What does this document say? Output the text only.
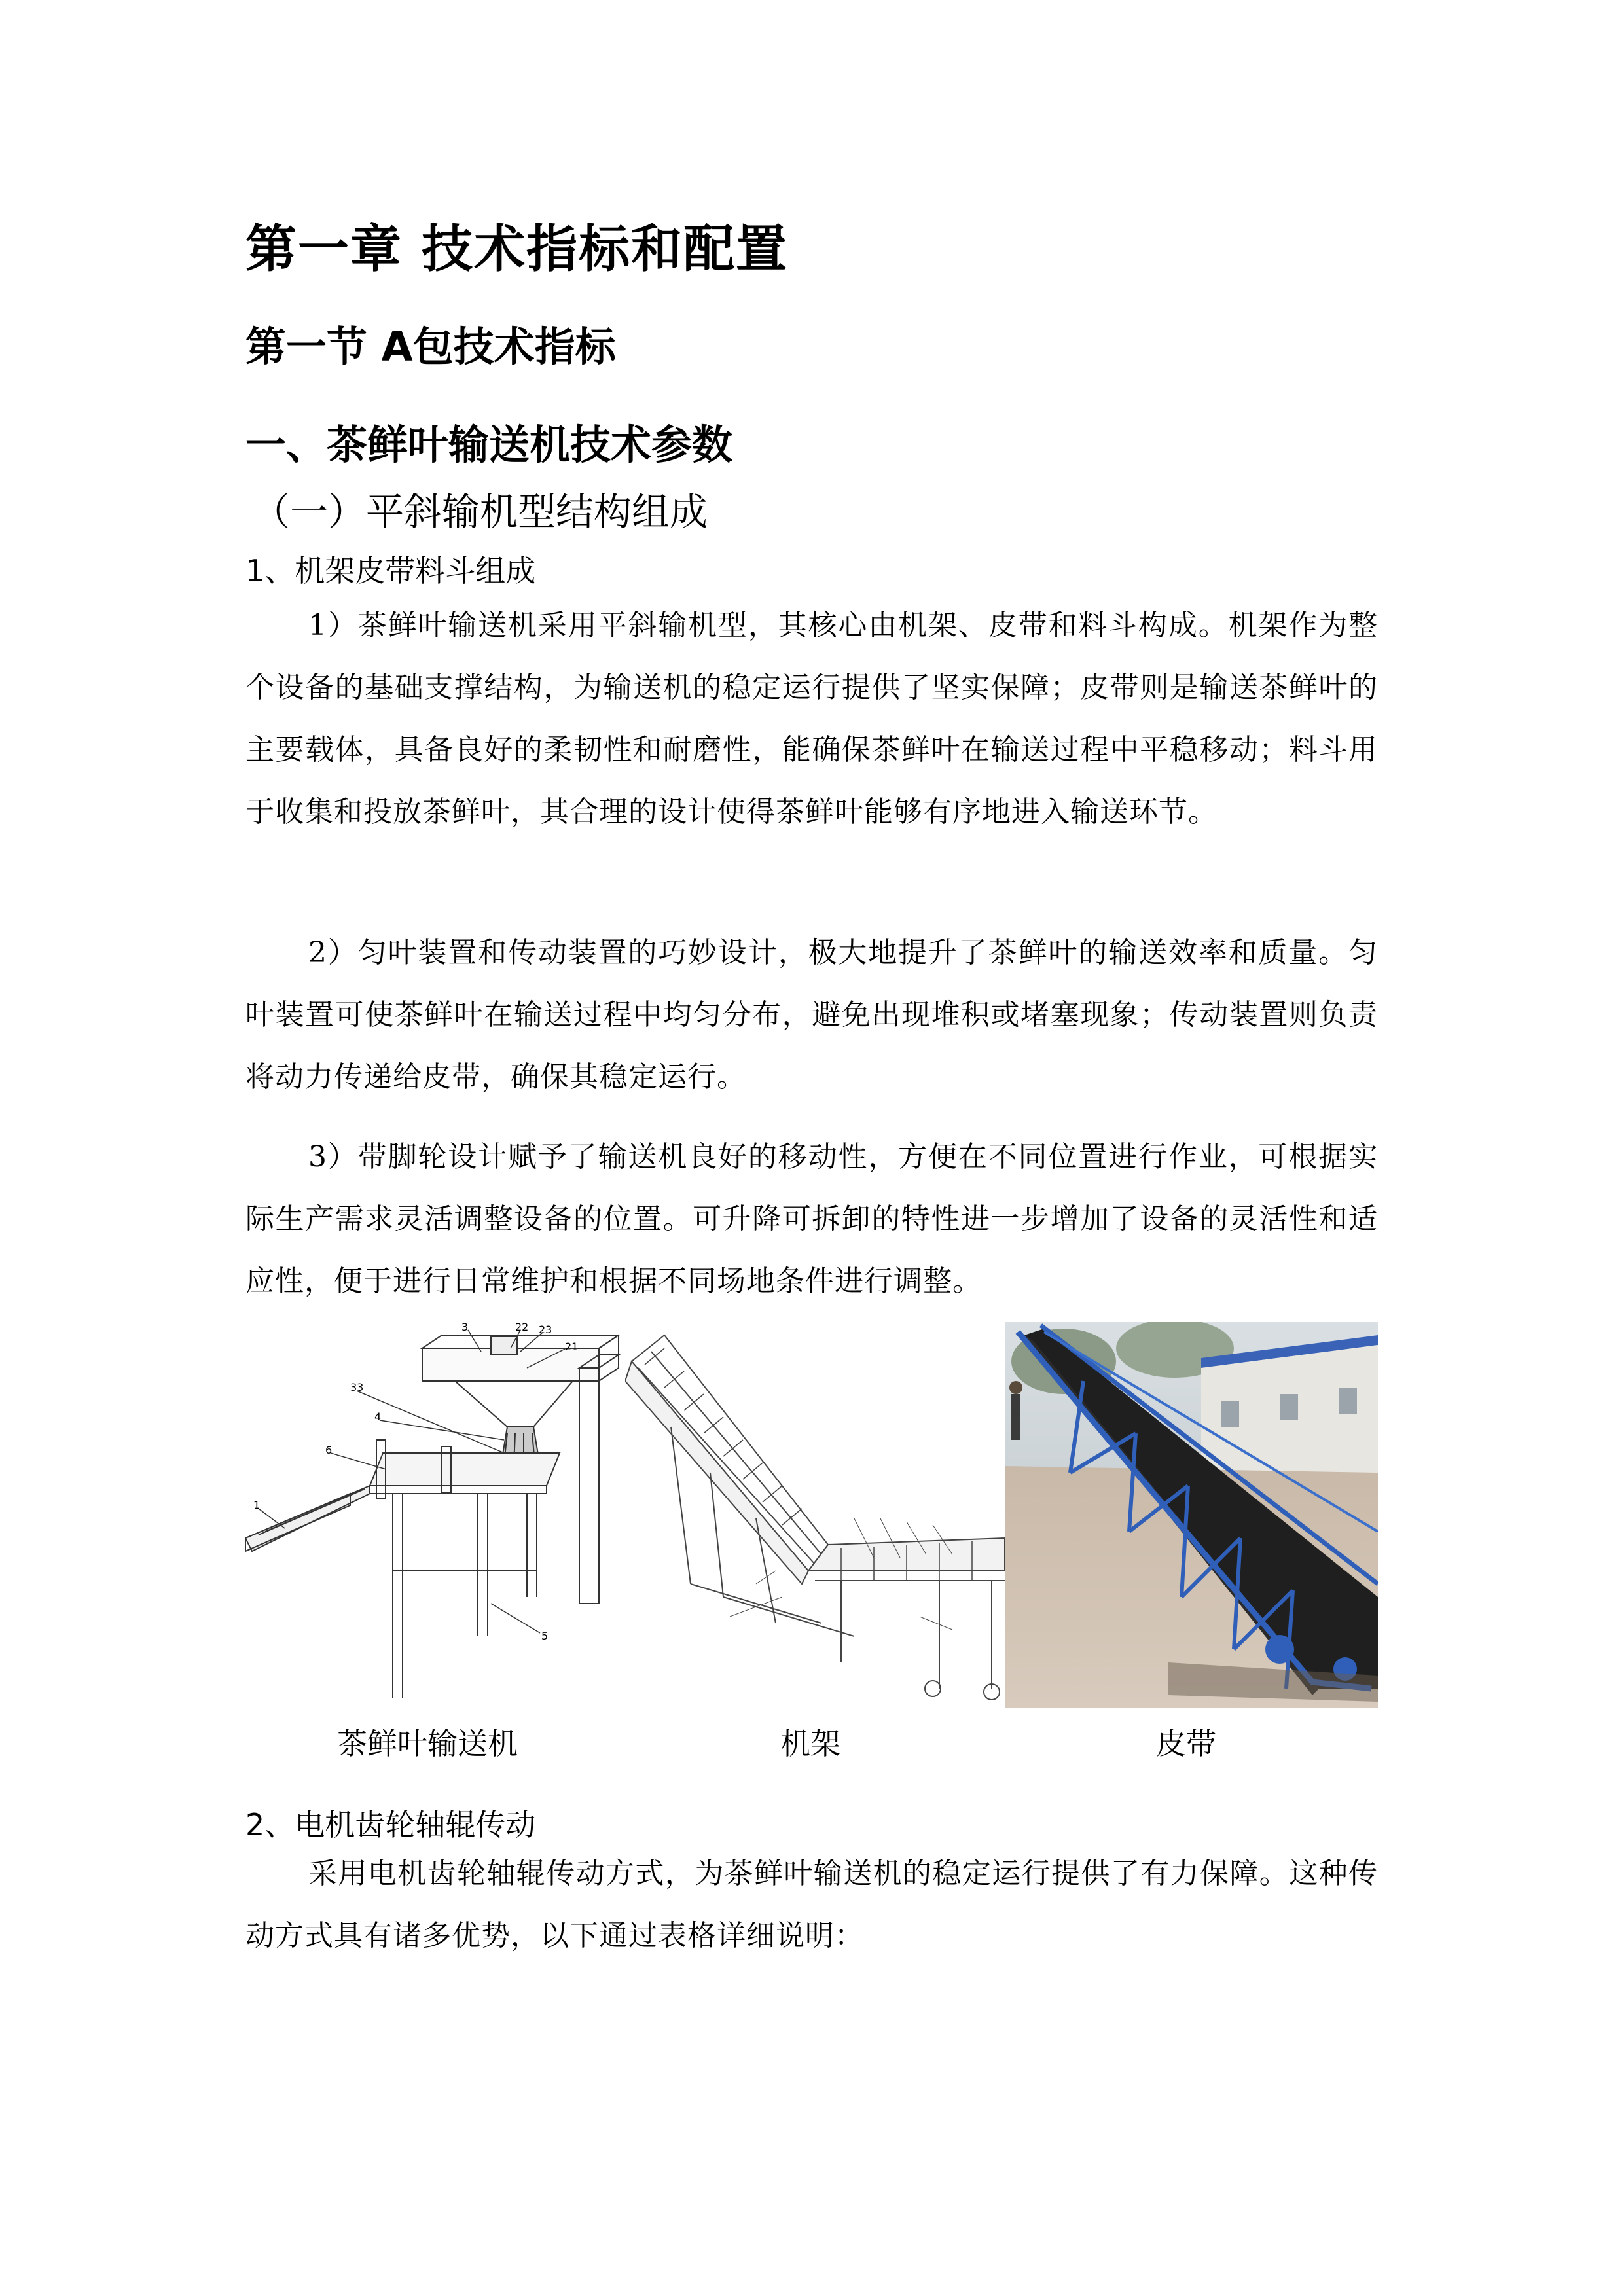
第一章 技术指标和配置
第一节 A包技术指标
一、茶鲜叶输送机技术参数
（一）平斜输机型结构组成
1、机架皮带料斗组成

1）茶鲜叶输送机采用平斜输机型，其核心由机架、皮带和料斗构成。机架作为整个设备的基础支撑结构，为输送机的稳定运行提供了坚实保障；皮带则是输送茶鲜叶的主要载体，具备良好的柔韧性和耐磨性，能确保茶鲜叶在输送过程中平稳移动；料斗用于收集和投放茶鲜叶，其合理的设计使得茶鲜叶能够有序地进入输送环节。

2）匀叶装置和传动装置的巧妙设计，极大地提升了茶鲜叶的输送效率和质量。匀叶装置可使茶鲜叶在输送过程中均匀分布，避免出现堆积或堵塞现象；传动装置则负责将动力传递给皮带，确保其稳定运行。

3）带脚轮设计赋予了输送机良好的移动性，方便在不同位置进行作业，可根据实际生产需求灵活调整设备的位置。可升降可拆卸的特性进一步增加了设备的灵活性和适应性，便于进行日常维护和根据不同场地条件进行调整。

3	22 23
21
33
4
6
1
5
茶鲜叶输送机	机架	皮带
2、电机齿轮轴辊传动

采用电机齿轮轴辊传动方式，为茶鲜叶输送机的稳定运行提供了有力保障。这种传动方式具有诸多优势，以下通过表格详细说明：
